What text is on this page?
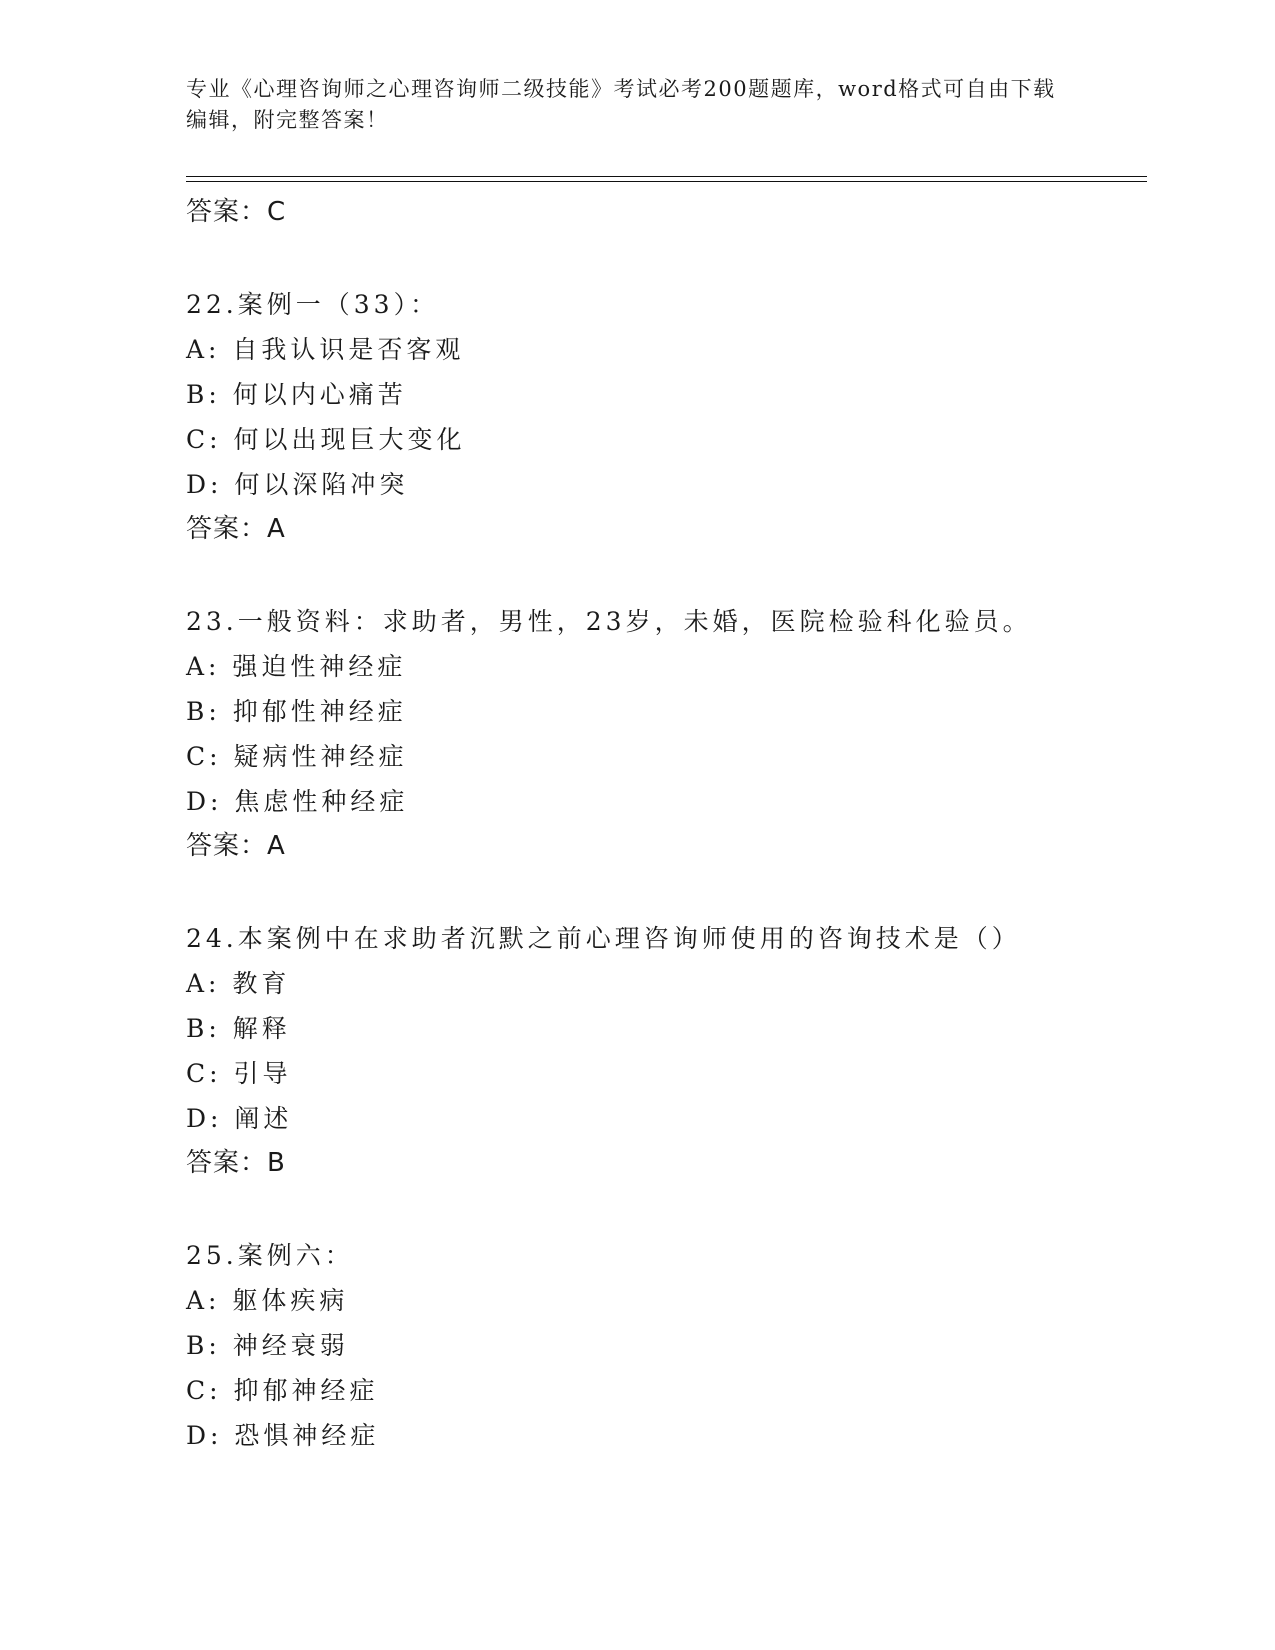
专业《心理咨询师之心理咨询师二级技能》考试必考200题题库，word格式可自由下载编辑，附完整答案！
答案：C
22.案例一（33）：
A: 自我认识是否客观
B: 何以内心痛苦
C: 何以出现巨大变化
D: 何以深陷冲突
答案：A
23.一般资料：求助者，男性，23岁，未婚，医院检验科化验员。
A: 强迫性神经症
B: 抑郁性神经症
C: 疑病性神经症
D: 焦虑性种经症
答案：A
24.本案例中在求助者沉默之前心理咨询师使用的咨询技术是（）
A: 教育
B: 解释
C: 引导
D: 阐述
答案：B
25.案例六：
A: 躯体疾病
B: 神经衰弱
C: 抑郁神经症
D: 恐惧神经症
